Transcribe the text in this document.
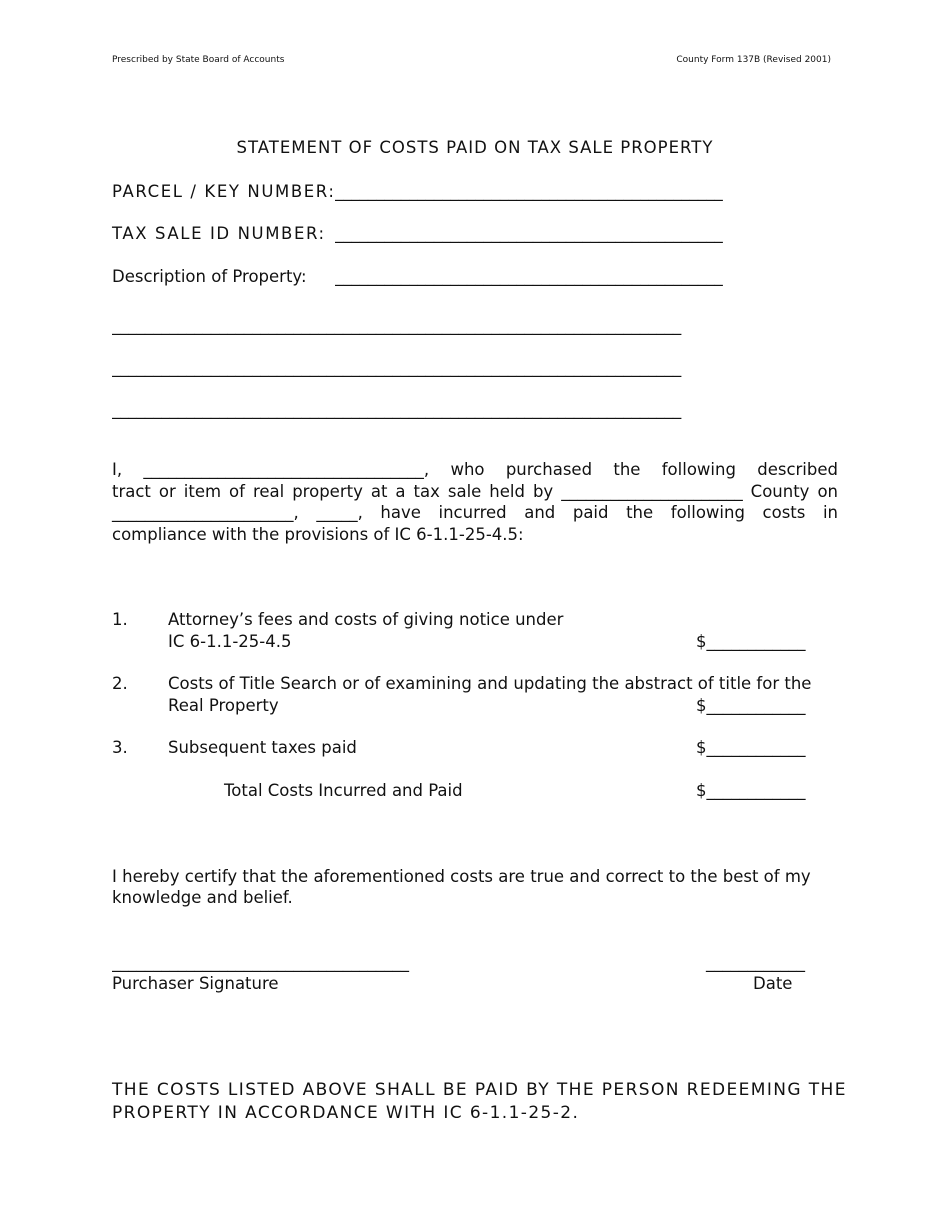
Prescribed by State Board of Accounts	County Form 137B (Revised 2001)
STATEMENT OF COSTS PAID ON TAX SALE PROPERTY
PARCEL / KEY NUMBER: _______________________________________________
TAX SALE ID NUMBER: _______________________________________________
Description of Property: _______________________________________________
_____________________________________________________________________
_____________________________________________________________________
_____________________________________________________________________
I, __________________________________, who purchased the following described
tract or item of real property at a tax sale held by ______________________ County on
______________________, _____, have incurred and paid the following costs in
compliance with the provisions of IC 6-1.1-25-4.5:
1. Attorney’s fees and costs of giving notice under
IC 6-1.1-25-4.5	$____________
2. Costs of Title Search or of examining and updating the abstract of title for the
Real Property	$____________
3. Subsequent taxes paid	$____________
Total Costs Incurred and Paid	$____________
I hereby certify that the aforementioned costs are true and correct to the best of my
knowledge and belief.
____________________________________
Purchaser Signature
____________
Date
THE COSTS LISTED ABOVE SHALL BE PAID BY THE PERSON REDEEMING THE
PROPERTY IN ACCORDANCE WITH IC 6-1.1-25-2.
